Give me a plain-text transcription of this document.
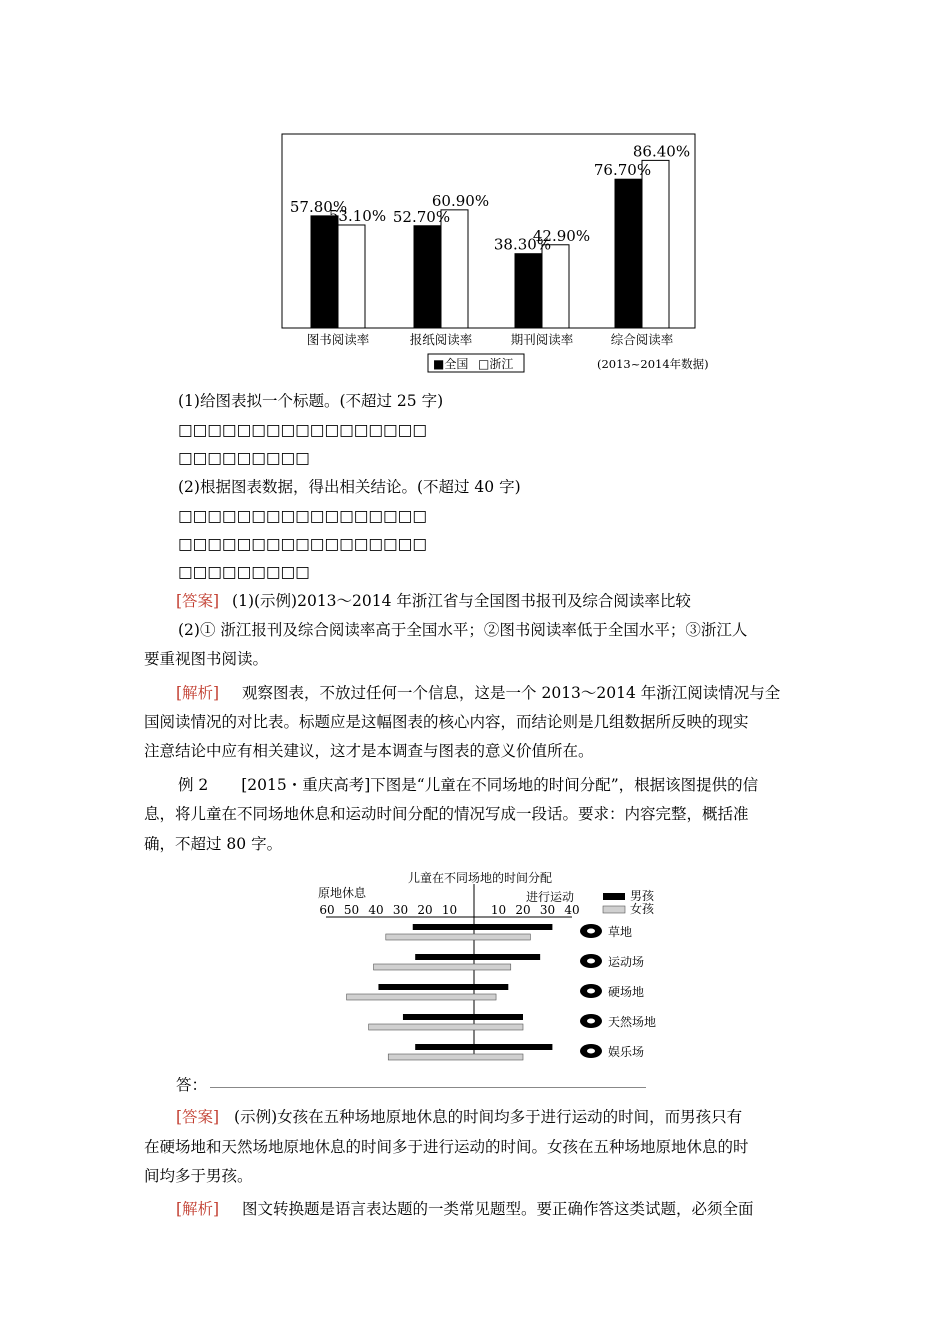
57.80%
53.10% 52.70%
60.90%
38.30%
42.90%
76.70%
86.40%
图书阅读率	报纸阅读率	期刊阅读率	综合阅读率
■全国 □浙江	(2013~2014年数据)
(1)给图表拟一个标题。(不超过 25 字)
□□□□□□□□□□□□□□□□□
□□□□□□□□□
(2)根据图表数据，得出相关结论。(不超过 40 字)
□□□□□□□□□□□□□□□□□
□□□□□□□□□□□□□□□□□
□□□□□□□□□
[答案] (1)(示例)2013～2014 年浙江省与全国图书报刊及综合阅读率比较
(2)① 浙江报刊及综合阅读率高于全国水平；②图书阅读率低于全国水平；③浙江人
要重视图书阅读。
[解析] 观察图表，不放过任何一个信息，这是一个 2013～2014 年浙江阅读情况与全
国阅读情况的对比表。标题应是这幅图表的核心内容，而结论则是几组数据所反映的现实
注意结论中应有相关建议，这才是本调查与图表的意义价值所在。
例 2 [2015・重庆高考]下图是“儿童在不同场地的时间分配”，根据该图提供的信
息，将儿童在不同场地休息和运动时间分配的情况写成一段话。要求：内容完整，概括准
确，不超过 80 字。
儿童在不同场地的时间分配
原地休息	进行运动
60 50 40 30 20 10	10 20 30 40
男孩
女孩
草地
运动场
硬场地
天然场地
娱乐场
答：
[答案] (示例)女孩在五种场地原地休息的时间均多于进行运动的时间，而男孩只有
在硬场地和天然场地原地休息的时间多于进行运动的时间。女孩在五种场地原地休息的时
间均多于男孩。
[解析] 图文转换题是语言表达题的一类常见题型。要正确作答这类试题，必须全面
